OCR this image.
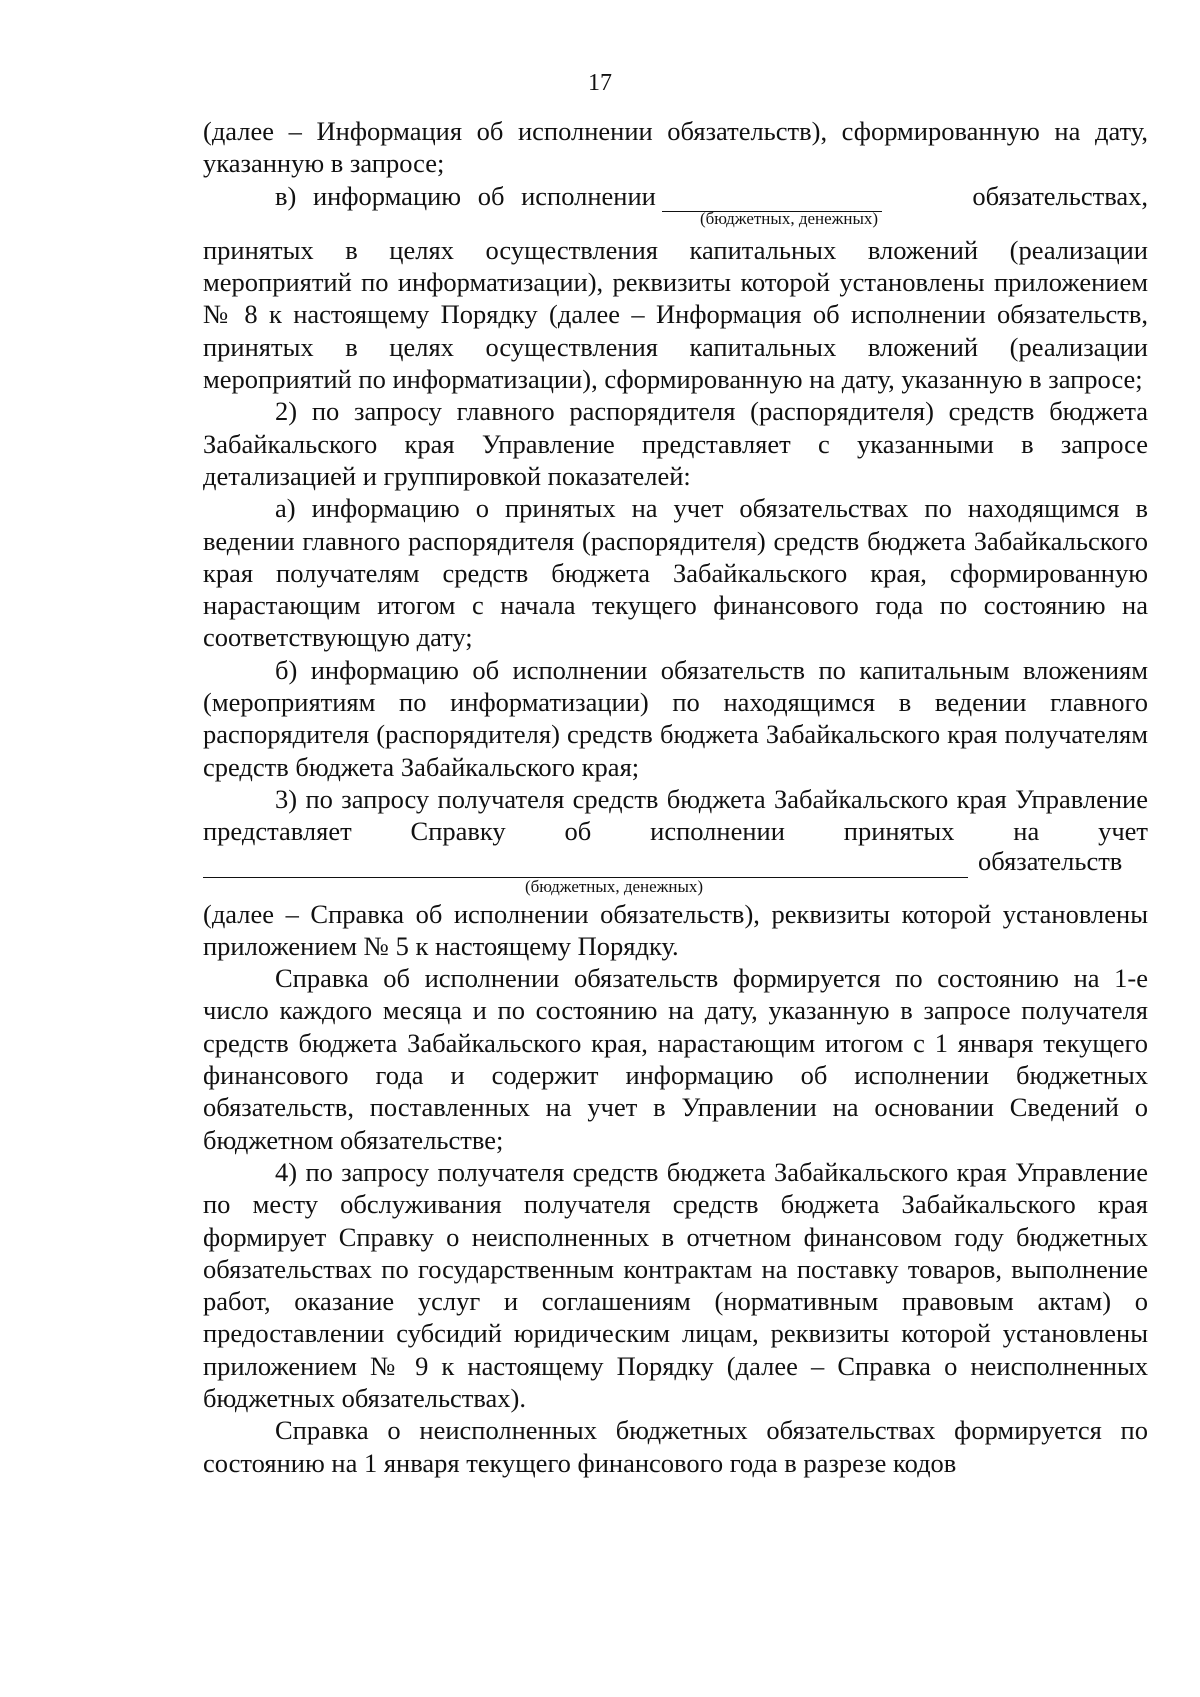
17

(далее – Информация об исполнении обязательств), сформированную на дату, указанную в запросе;

в) информацию об исполнении	обязательствах,

(бюджетных, денежных)

принятых в целях осуществления капитальных вложений (реализации мероприятий по информатизации), реквизиты которой установлены приложением № 8 к настоящему Порядку (далее – Информация об исполнении обязательств, принятых в целях осуществления капитальных вложений (реализации мероприятий по информатизации), сформированную на дату, указанную в запросе;

2) по запросу главного распорядителя (распорядителя) средств бюджета Забайкальского края Управление представляет с указанными в запросе детализацией и группировкой показателей:

а) информацию о принятых на учет обязательствах по находящимся в ведении главного распорядителя (распорядителя) средств бюджета Забайкальского края получателям средств бюджета Забайкальского края, сформированную нарастающим итогом с начала текущего финансового года по состоянию на соответствующую дату;

б) информацию об исполнении обязательств по капитальным вложениям (мероприятиям по информатизации) по находящимся в ведении главного распорядителя (распорядителя) средств бюджета Забайкальского края получателям средств бюджета Забайкальского края;

3) по запросу получателя средств бюджета Забайкальского края Управление представляет Справку об исполнении принятых на учет

обязательств

(бюджетных, денежных)

(далее – Справка об исполнении обязательств), реквизиты которой установлены приложением № 5 к настоящему Порядку.

Справка об исполнении обязательств формируется по состоянию на 1-е число каждого месяца и по состоянию на дату, указанную в запросе получателя средств бюджета Забайкальского края, нарастающим итогом с 1 января текущего финансового года и содержит информацию об исполнении бюджетных обязательств, поставленных на учет в Управлении на основании Сведений о бюджетном обязательстве;

4) по запросу получателя средств бюджета Забайкальского края Управление по месту обслуживания получателя средств бюджета Забайкальского края формирует Справку о неисполненных в отчетном финансовом году бюджетных обязательствах по государственным контрактам на поставку товаров, выполнение работ, оказание услуг и соглашениям (нормативным правовым актам) о предоставлении субсидий юридическим лицам, реквизиты которой установлены приложением № 9 к настоящему Порядку (далее – Справка о неисполненных бюджетных обязательствах).

Справка о неисполненных бюджетных обязательствах формируется по состоянию на 1 января текущего финансового года в разрезе кодов
